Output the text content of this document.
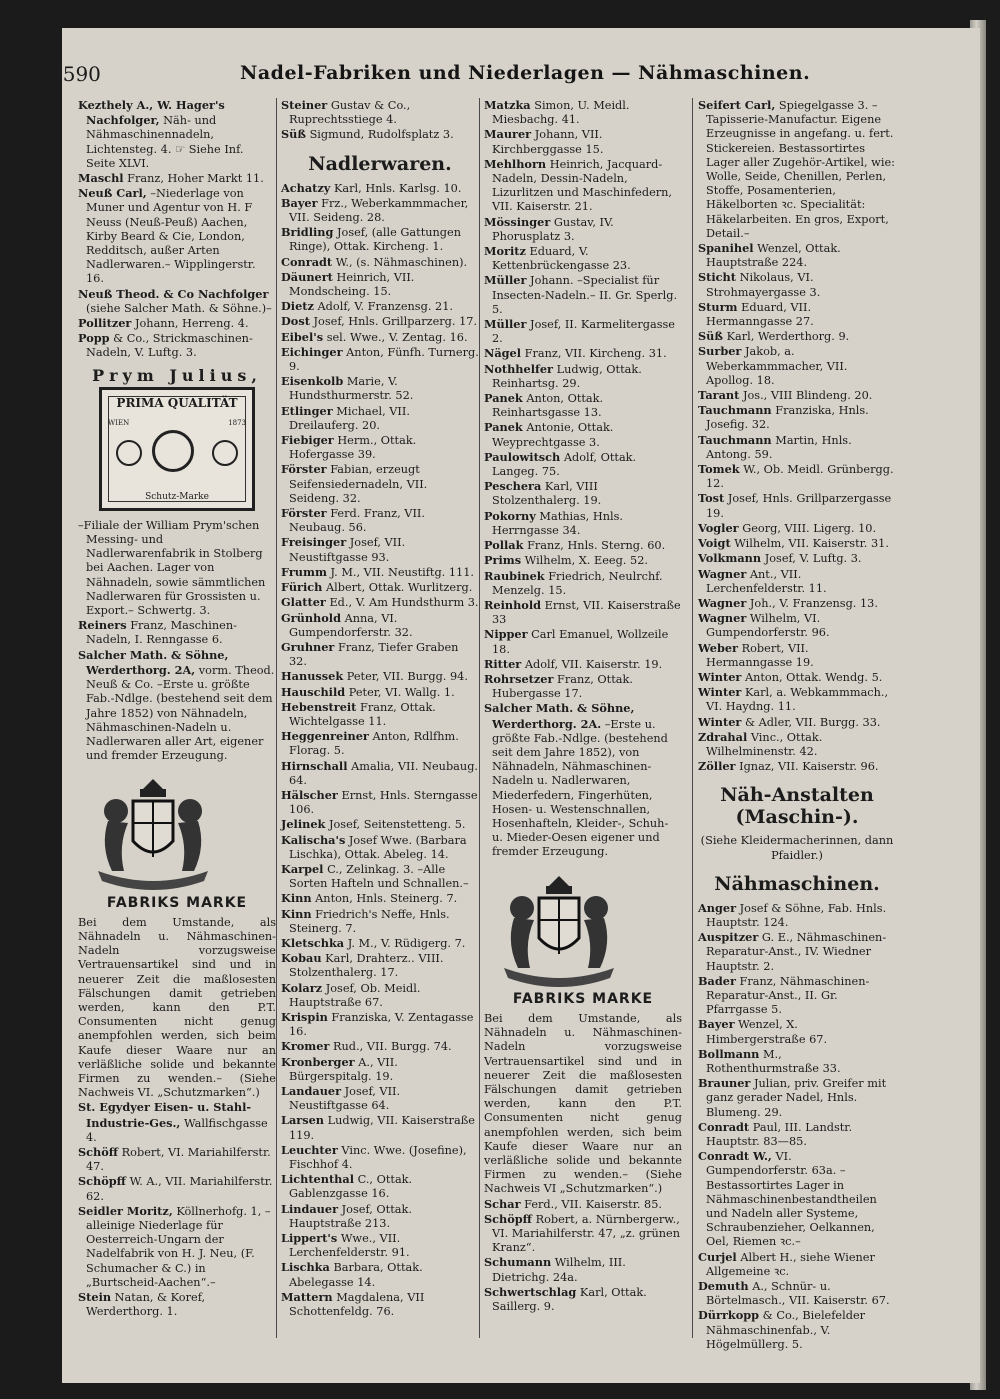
1590	Nadel-Fabriken und Niederlagen — Nähmaschinen.

Kezthely A., W. Hager's Nachfolger, Näh- und Nähmaschinennadeln, Lichtensteg. 4. ☞ Siehe Inf. Seite XLVI.

Maschl Franz, Hoher Markt 11.

Neuß Carl, –Niederlage von Muner und Agentur von H. F Neuss (Neuß-Peuß) Aachen, Kirby Beard & Cie, London, Redditsch, außer Arten Nadlerwaren.– Wipplingerstr. 16.

Neuß Theod. & Co Nachfolger (siehe Salcher Math. & Söhne.)–

Pollitzer Johann, Herreng. 4.

Popp & Co., Strickmaschinen-Nadeln, V. Luftg. 3.

Prym Julius,
PRIMA QUALITÄT
WIEN	1873
Schutz-Marke

–Filiale der William Prym'schen Messing- und Nadlerwarenfabrik in Stolberg bei Aachen. Lager von Nähnadeln, sowie sämmtlichen Nadlerwaren für Grossisten u. Export.– Schwertg. 3.

Reiners Franz, Maschinen-Nadeln, I. Renngasse 6.

Salcher Math. & Söhne, Werderthorg. 2A, vorm. Theod. Neuß & Co. –Erste u. größte Fab.-Ndlge. (bestehend seit dem Jahre 1852) von Nähnadeln, Nähmaschinen-Nadeln u. Nadlerwaren aller Art, eigener und fremder Erzeugung.

FABRIKS MARKE

Bei dem Umstande, als Nähnadeln u. Nähmaschinen-Nadeln vorzugsweise Vertrauensartikel sind und in neuerer Zeit die maßlosesten Fälschungen damit getrieben werden, kann den P.T. Consumenten nicht genug anempfohlen werden, sich beim Kaufe dieser Waare nur an verläßliche solide und bekannte Firmen zu wenden.– (Siehe Nachweis VI. „Schutzmarken“.)

St. Egydyer Eisen- u. Stahl-Industrie-Ges., Wallfischgasse 4.

Schöff Robert, VI. Mariahilferstr. 47.

Schöpff W. A., VII. Mariahilferstr. 62.

Seidler Moritz, Köllnerhofg. 1, –alleinige Niederlage für Oesterreich-Ungarn der Nadelfabrik von H. J. Neu, (F. Schumacher & C.) in „Burtscheid-Aachen“.–

Stein Natan, & Koref, Werderthorg. 1.

Steiner Gustav & Co., Ruprechtsstiege 4.

Süß Sigmund, Rudolfsplatz 3.

Nadlerwaren.

Achatzy Karl, Hnls. Karlsg. 10.

Bayer Frz., Weberkammmacher, VII. Seideng. 28.

Bridling Josef, (alle Gattungen Ringe), Ottak. Kircheng. 1.

Conradt W., (s. Nähmaschinen).

Däunert Heinrich, VII. Mondscheing. 15.

Dietz Adolf, V. Franzensg. 21.

Dost Josef, Hnls. Grillparzerg. 17.

Eibel's sel. Wwe., V. Zentag. 16.

Eichinger Anton, Fünfh. Turnerg. 9.

Eisenkolb Marie, V. Hundsthurmerstr. 52.

Etlinger Michael, VII. Dreilauferg. 20.

Fiebiger Herm., Ottak. Hofergasse 39.

Förster Fabian, erzeugt Seifensiedernadeln, VII. Seideng. 32.

Förster Ferd. Franz, VII. Neubaug. 56.

Freisinger Josef, VII. Neustiftgasse 93.

Frumm J. M., VII. Neustiftg. 111.

Fürich Albert, Ottak. Wurlitzerg.

Glatter Ed., V. Am Hundsthurm 3.

Grünhold Anna, VI. Gumpendorferstr. 32.

Gruhner Franz, Tiefer Graben 32.

Hanussek Peter, VII. Burgg. 94.

Hauschild Peter, VI. Wallg. 1.

Hebenstreit Franz, Ottak. Wichtelgasse 11.

Heggenreiner Anton, Rdlfhm. Florag. 5.

Hirnschall Amalia, VII. Neubaug. 64.

Hälscher Ernst, Hnls. Sterngasse 106.

Jelinek Josef, Seitenstetteng. 5.

Kalischa's Josef Wwe. (Barbara Lischka), Ottak. Abeleg. 14.

Karpel C., Zelinkag. 3. –Alle Sorten Hafteln und Schnallen.–

Kinn Anton, Hnls. Steinerg. 7.

Kinn Friedrich's Neffe, Hnls. Steinerg. 7.

Kletschka J. M., V. Rüdigerg. 7.

Kobau Karl, Drahterz.. VIII. Stolzenthalerg. 17.

Kolarz Josef, Ob. Meidl. Hauptstraße 67.

Krispin Franziska, V. Zentagasse 16.

Kromer Rud., VII. Burgg. 74.

Kronberger A., VII. Bürgerspitalg. 19.

Landauer Josef, VII. Neustiftgasse 64.

Larsen Ludwig, VII. Kaiserstraße 119.

Leuchter Vinc. Wwe. (Josefine), Fischhof 4.

Lichtenthal C., Ottak. Gablenzgasse 16.

Lindauer Josef, Ottak. Hauptstraße 213.

Lippert's Wwe., VII. Lerchenfelderstr. 91.

Lischka Barbara, Ottak. Abelegasse 14.

Mattern Magdalena, VII Schottenfeldg. 76.

Matzka Simon, U. Meidl. Miesbachg. 41.

Maurer Johann, VII. Kirchberggasse 15.

Mehlhorn Heinrich, Jacquard-Nadeln, Dessin-Nadeln, Lizurlitzen und Maschinfedern, VII. Kaiserstr. 21.

Mössinger Gustav, IV. Phorusplatz 3.

Moritz Eduard, V. Kettenbrückengasse 23.

Müller Johann. –Specialist für Insecten-Nadeln.– II. Gr. Sperlg. 5.

Müller Josef, II. Karmelitergasse 2.

Nägel Franz, VII. Kircheng. 31.

Nothhelfer Ludwig, Ottak. Reinhartsg. 29.

Panek Anton, Ottak. Reinhartsgasse 13.

Panek Antonie, Ottak. Weyprechtgasse 3.

Paulowitsch Adolf, Ottak. Langeg. 75.

Peschera Karl, VIII Stolzenthalerg. 19.

Pokorny Mathias, Hnls. Herrngasse 34.

Pollak Franz, Hnls. Sterng. 60.

Prims Wilhelm, X. Eeeg. 52.

Raubinek Friedrich, Neulrchf. Menzelg. 15.

Reinhold Ernst, VII. Kaiserstraße 33

Nipper Carl Emanuel, Wollzeile 18.

Ritter Adolf, VII. Kaiserstr. 19.

Rohrsetzer Franz, Ottak. Hubergasse 17.

Salcher Math. & Söhne, Werderthorg. 2A. –Erste u. größte Fab.-Ndlge. (bestehend seit dem Jahre 1852), von Nähnadeln, Nähmaschinen-Nadeln u. Nadlerwaren, Miederfedern, Fingerhüten, Hosen- u. Westenschnallen, Hosenhafteln, Kleider-, Schuh- u. Mieder-Oesen eigener und fremder Erzeugung.

FABRIKS MARKE

Bei dem Umstande, als Nähnadeln u. Nähmaschinen-Nadeln vorzugsweise Vertrauensartikel sind und in neuerer Zeit die maßlosesten Fälschungen damit getrieben werden, kann den P.T. Consumenten nicht genug anempfohlen werden, sich beim Kaufe dieser Waare nur an verläßliche solide und bekannte Firmen zu wenden.– (Siehe Nachweis VI „Schutzmarken“.)

Schar Ferd., VII. Kaiserstr. 85.

Schöpff Robert, a. Nürnbergerw., VI. Mariahilferstr. 47, „z. grünen Kranz“.

Schumann Wilhelm, III. Dietrichg. 24a.

Schwertschlag Karl, Ottak. Saillerg. 9.

Seifert Carl, Spiegelgasse 3. –Tapisserie-Manufactur. Eigene Erzeugnisse in angefang. u. fert. Stickereien. Bestassortirtes Lager aller Zugehör-Artikel, wie: Wolle, Seide, Chenillen, Perlen, Stoffe, Posamenterien, Häkelborten ꝛc. Specialität: Häkelarbeiten. En gros, Export, Detail.–

Spanihel Wenzel, Ottak. Hauptstraße 224.

Sticht Nikolaus, VI. Strohmayergasse 3.

Sturm Eduard, VII. Hermanngasse 27.

Süß Karl, Werderthorg. 9.

Surber Jakob, a. Weberkammmacher, VII. Apollog. 18.

Tarant Jos., VIII Blindeng. 20.

Tauchmann Franziska, Hnls. Josefig. 32.

Tauchmann Martin, Hnls. Antong. 59.

Tomek W., Ob. Meidl. Grünbergg. 12.

Tost Josef, Hnls. Grillparzergasse 19.

Vogler Georg, VIII. Ligerg. 10.

Voigt Wilhelm, VII. Kaiserstr. 31.

Volkmann Josef, V. Luftg. 3.

Wagner Ant., VII. Lerchenfelderstr. 11.

Wagner Joh., V. Franzensg. 13.

Wagner Wilhelm, VI. Gumpendorferstr. 96.

Weber Robert, VII. Hermanngasse 19.

Winter Anton, Ottak. Wendg. 5.

Winter Karl, a. Webkammmach., VI. Haydng. 11.

Winter & Adler, VII. Burgg. 33.

Zdrahal Vinc., Ottak. Wilhelminenstr. 42.

Zöller Ignaz, VII. Kaiserstr. 96.

Näh-Anstalten (Maschin-).
(Siehe Kleidermacherinnen, dann Pfaidler.)
Nähmaschinen.

Anger Josef & Söhne, Fab. Hnls. Hauptstr. 124.

Auspitzer G. E., Nähmaschinen-Reparatur-Anst., IV. Wiedner Hauptstr. 2.

Bader Franz, Nähmaschinen-Reparatur-Anst., II. Gr. Pfarrgasse 5.

Bayer Wenzel, X. Himbergerstraße 67.

Bollmann M., Rothenthurmstraße 33.

Brauner Julian, priv. Greifer mit ganz gerader Nadel, Hnls. Blumeng. 29.

Conradt Paul, III. Landstr. Hauptstr. 83—85.

Conradt W., VI. Gumpendorferstr. 63a. –Bestassortirtes Lager in Nähmaschinenbestandtheilen und Nadeln aller Systeme, Schraubenzieher, Oelkannen, Oel, Riemen ꝛc.–

Curjel Albert H., siehe Wiener Allgemeine ꝛc.

Demuth A., Schnür- u. Börtelmasch., VII. Kaiserstr. 67.

Dürrkopp & Co., Bielefelder Nähmaschinenfab., V. Högelmüllerg. 5.
